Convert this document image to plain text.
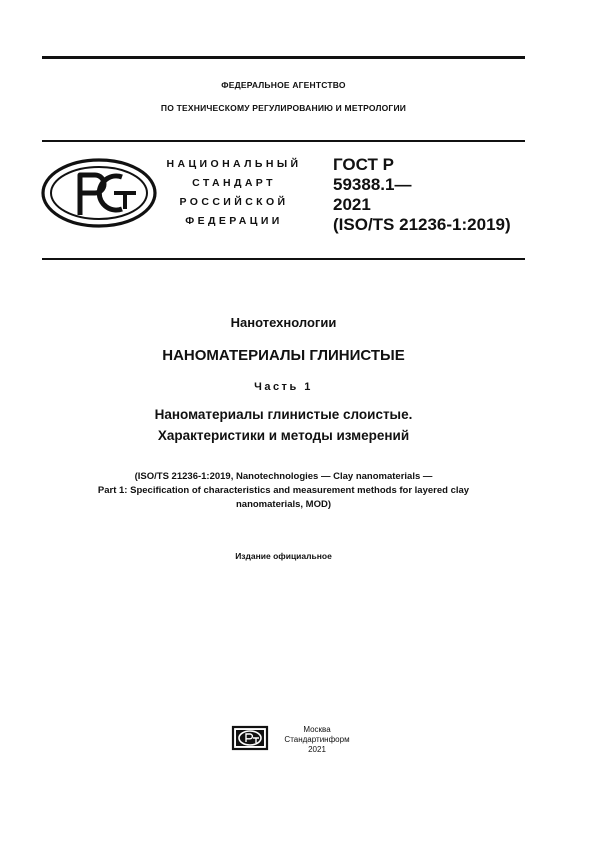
ФЕДЕРАЛЬНОЕ АГЕНТСТВО
ПО ТЕХНИЧЕСКОМУ РЕГУЛИРОВАНИЮ И МЕТРОЛОГИИ
НАЦИОНАЛЬНЫЙ
СТАНДАРТ
РОССИЙСКОЙ
ФЕДЕРАЦИИ
ГОСТ Р
59388.1—
2021
(ISO/TS 21236-1:2019)
Нанотехнологии
НАНОМАТЕРИАЛЫ ГЛИНИСТЫЕ
Часть 1
Наноматериалы глинистые слоистые.
Характеристики и методы измерений
(ISO/TS 21236-1:2019, Nanotechnologies — Clay nanomaterials —
Part 1: Specification of characteristics and measurement methods for layered clay
nanomaterials, MOD)
Издание официальное
Москва
Стандартинформ
2021
